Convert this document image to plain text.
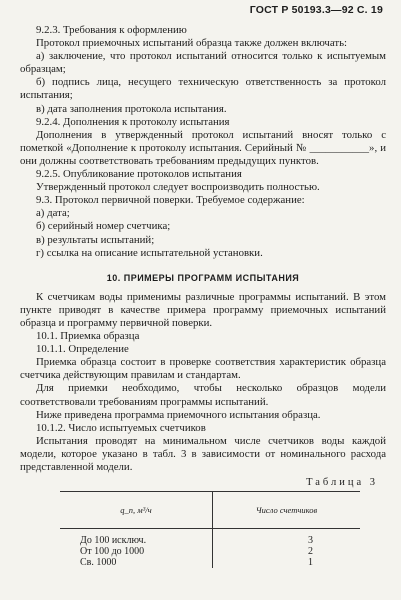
ГОСТ Р 50193.3—92 С. 19

9.2.3. Требования к оформлению

Протокол приемочных испытаний образца также должен включать:

а) заключение, что протокол испытаний относится только к испытуемым образцам;

б) подпись лица, несущего техническую ответственность за протокол испытания;

в) дата заполнения протокола испытания.

9.2.4. Дополнения к протоколу испытания

Дополнения в утвержденный протокол испытаний вносят только с пометкой «Дополнение к протоколу испытания. Серийный № ___________», и они должны соответствовать требованиям предыдущих пунктов.

9.2.5. Опубликование протоколов испытания

Утвержденный протокол следует воспроизводить полностью.

9.3. Протокол первичной поверки. Требуемое содержание:

а) дата;

б) серийный номер счетчика;

в) результаты испытаний;

г) ссылка на описание испытательной установки.

10. ПРИМЕРЫ ПРОГРАММ ИСПЫТАНИЯ

К счетчикам воды применимы различные программы испытаний. В этом пункте приводят в качестве примера программу приемочных испытаний образца и программу первичной поверки.

10.1. Приемка образца

10.1.1. Определение

Приемка образца состоит в проверке соответствия характеристик образца счетчика действующим правилам и стандартам.

Для приемки необходимо, чтобы несколько образцов модели соответствовали требованиям программы испытаний.

Ниже приведена программа приемочного испытания образца.

10.1.2. Число испытуемых счетчиков

Испытания проводят на минимальном числе счетчиков воды каждой модели, которое указано в табл. 3 в зависимости от номинального расхода представленной модели.

Таблица 3
q_n, м³/ч	Число счетчиков
До 100 исключ.	3
От 100 до 1000	2
Св. 1000	1
